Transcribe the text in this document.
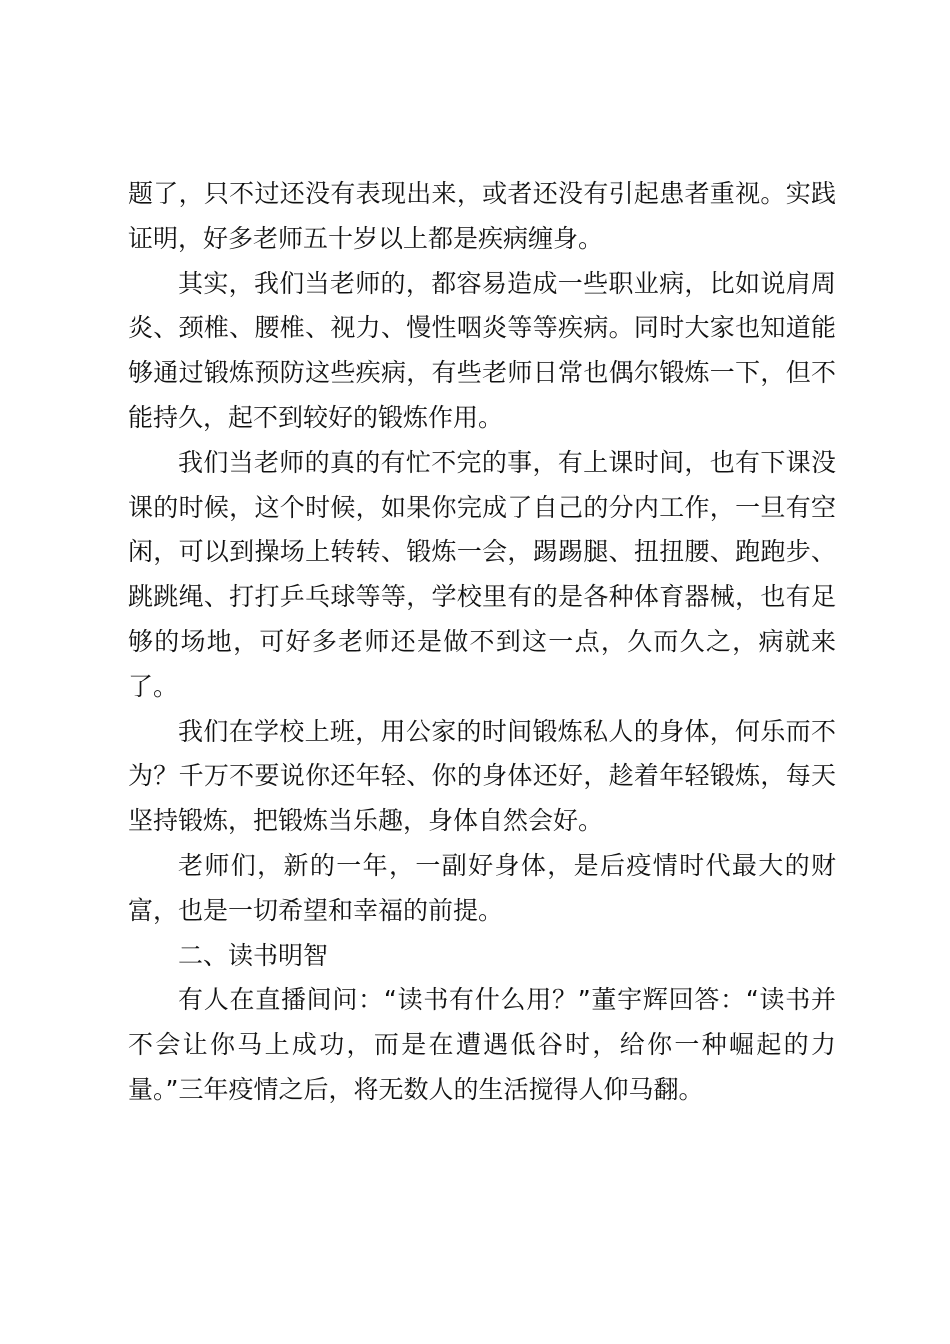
题了，只不过还没有表现出来，或者还没有引起患者重视。实践证明，好多老师五十岁以上都是疾病缠身。

其实，我们当老师的，都容易造成一些职业病，比如说肩周炎、颈椎、腰椎、视力、慢性咽炎等等疾病。同时大家也知道能够通过锻炼预防这些疾病，有些老师日常也偶尔锻炼一下，但不能持久，起不到较好的锻炼作用。

我们当老师的真的有忙不完的事，有上课时间，也有下课没课的时候，这个时候，如果你完成了自己的分内工作，一旦有空闲，可以到操场上转转、锻炼一会，踢踢腿、扭扭腰、跑跑步、跳跳绳、打打乒乓球等等，学校里有的是各种体育器械，也有足够的场地，可好多老师还是做不到这一点，久而久之，病就来了。

我们在学校上班，用公家的时间锻炼私人的身体，何乐而不为？千万不要说你还年轻、你的身体还好，趁着年轻锻炼，每天坚持锻炼，把锻炼当乐趣，身体自然会好。

老师们，新的一年，一副好身体，是后疫情时代最大的财富，也是一切希望和幸福的前提。

二、读书明智

有人在直播间问：“读书有什么用？”董宇辉回答：“读书并不会让你马上成功，而是在遭遇低谷时，给你一种崛起的力量。”三年疫情之后，将无数人的生活搅得人仰马翻。
